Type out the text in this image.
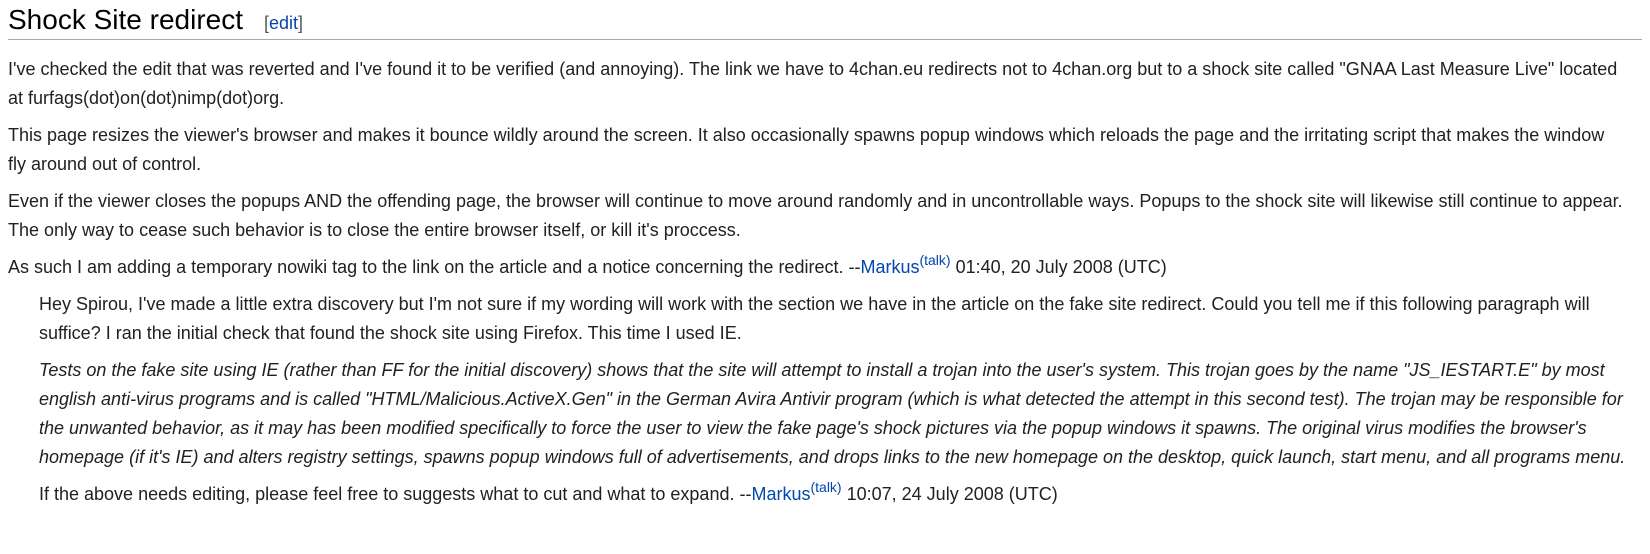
Shock Site redirect [edit]

I've checked the edit that was reverted and I've found it to be verified (and annoying). The link we have to 4chan.eu redirects not to 4chan.org but to a shock site called "GNAA Last Measure Live" located at furfags(dot)on(dot)nimp(dot)org.

This page resizes the viewer's browser and makes it bounce wildly around the screen. It also occasionally spawns popup windows which reloads the page and the irritating script that makes the window fly around out of control.

Even if the viewer closes the popups AND the offending page, the browser will continue to move around randomly and in uncontrollable ways. Popups to the shock site will likewise still continue to appear. The only way to cease such behavior is to close the entire browser itself, or kill it's proccess.

As such I am adding a temporary nowiki tag to the link on the article and a notice concerning the redirect. --Markus$^{(talk)}$ 01:40, 20 July 2008 (UTC)

Hey Spirou, I've made a little extra discovery but I'm not sure if my wording will work with the section we have in the article on the fake site redirect. Could you tell me if this following paragraph will suffice? I ran the initial check that found the shock site using Firefox. This time I used IE.

Tests on the fake site using IE (rather than FF for the initial discovery) shows that the site will attempt to install a trojan into the user's system. This trojan goes by the name "JS_IESTART.E" by most english anti-virus programs and is called "HTML/Malicious.ActiveX.Gen" in the German Avira Antivir program (which is what detected the attempt in this second test). The trojan may be responsible for the unwanted behavior, as it may has been modified specifically to force the user to view the fake page's shock pictures via the popup windows it spawns. The original virus modifies the browser's homepage (if it's IE) and alters registry settings, spawns popup windows full of advertisements, and drops links to the new homepage on the desktop, quick launch, start menu, and all programs menu.

If the above needs editing, please feel free to suggests what to cut and what to expand. --Markus$^{(talk)}$ 10:07, 24 July 2008 (UTC)
